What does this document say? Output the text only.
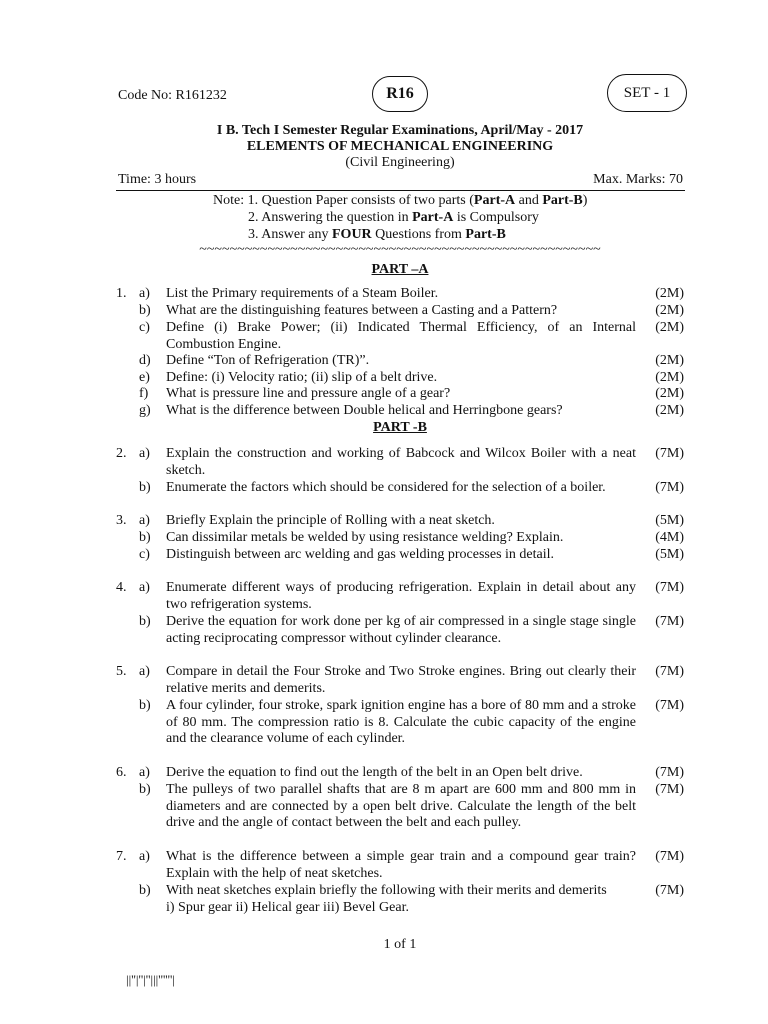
Code No: R161232	R16	SET - 1
I B. Tech I Semester Regular Examinations, April/May - 2017
ELEMENTS OF MECHANICAL ENGINEERING
(Civil Engineering)
Time: 3 hours	Max. Marks: 70
Note: 1. Question Paper consists of two parts (Part-A and Part-B)
2. Answering the question in Part-A is Compulsory
3. Answer any FOUR Questions from Part-B
~~~~~~~~~~~~~~~~~~~~~~~~~~~~~~~~~~~~~~~~~~~~~~~~~~~~~
PART –A
PART -B
1. a)	List the Primary requirements of a Steam Boiler.	(2M)
b)	What are the distinguishing features between a Casting and a Pattern?	(2M)
c)	Define (i) Brake Power; (ii) Indicated Thermal Efficiency, of an Internal Combustion Engine.
(2M)
d)	Define “Ton of Refrigeration (TR)”.	(2M)
e)	Define: (i) Velocity ratio; (ii) slip of a belt drive.	(2M)
f)	What is pressure line and pressure angle of a gear?	(2M)
g)	What is the difference between Double helical and Herringbone gears?	(2M)
2. a)	Explain the construction and working of Babcock and Wilcox Boiler with a neat sketch.
(7M)
b)	Enumerate the factors which should be considered for the selection of a boiler.	(7M)
3. a)	Briefly Explain the principle of Rolling with a neat sketch.	(5M)
b)	Can dissimilar metals be welded by using resistance welding? Explain.	(4M)
c)	Distinguish between arc welding and gas welding processes in detail.	(5M)
4. a)	Enumerate different ways of producing refrigeration. Explain in detail about any two refrigeration systems.
(7M)
b)	Derive the equation for work done per kg of air compressed in a single stage single acting reciprocating compressor without cylinder clearance.
(7M)
5. a)	Compare in detail the Four Stroke and Two Stroke engines. Bring out clearly their relative merits and demerits.
(7M)
b)	A four cylinder, four stroke, spark ignition engine has a bore of 80 mm and a stroke of 80 mm. The compression ratio is 8. Calculate the cubic capacity of the engine and the clearance volume of each cylinder.
(7M)
6. a)	Derive the equation to find out the length of the belt in an Open belt drive.	(7M)
b)	The pulleys of two parallel shafts that are 8 m apart are 600 mm and 800 mm in diameters and are connected by a open belt drive. Calculate the length of the belt drive and the angle of contact between the belt and each pulley.
(7M)
7. a)	What is the difference between a simple gear train and a compound gear train? Explain with the help of neat sketches.
(7M)
b)	With neat sketches explain briefly the following with their merits and demerits
i) Spur gear ii) Helical gear iii) Bevel Gear.
(7M)
1 of 1
||''|''|''|||''''''|
